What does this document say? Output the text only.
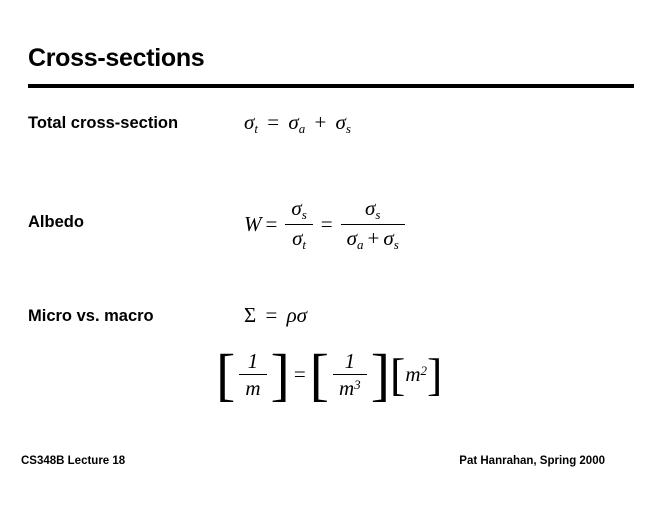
Cross-sections
Total cross-section	$\sigma_t = \sigma_a + \sigma_s$
Albedo	$W = \frac{\sigma_s}{\sigma_t} = \frac{\sigma_s}{\sigma_a + \sigma_s}$
Micro vs. macro	Σ = ρσ
[ $\frac{1}{m}$ ] = [ $\frac{1}{m^3}$ ] [ $m^2$ ]
CS348B Lecture 18	Pat Hanrahan, Spring 2000
